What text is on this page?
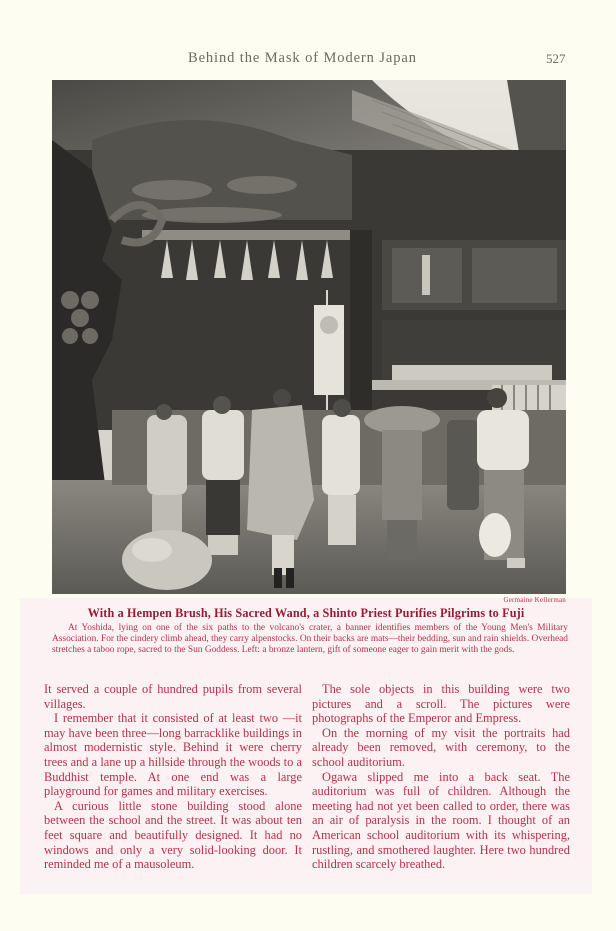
Behind the Mask of Modern Japan	527
Germaine Kellerman
With a Hempen Brush, His Sacred Wand, a Shinto Priest Purifies Pilgrims to Fuji
At Yoshida, lying on one of the six paths to the volcano's crater, a banner identifies members of the Young Men's Military Association. For the cindery climb ahead, they carry alpenstocks. On their backs are mats—their bedding, sun and rain shields. Overhead stretches a taboo rope, sacred to the Sun Goddess. Left: a bronze lantern, gift of someone eager to gain merit with the gods.

It served a couple of hundred pupils from several villages.

I remember that it consisted of at least two —it may have been three—long barracklike buildings in almost modernistic style. Behind it were cherry trees and a lane up a hillside through the woods to a Buddhist temple. At one end was a large playground for games and military exercises.

A curious little stone building stood alone between the school and the street. It was about ten feet square and beautifully designed. It had no windows and only a very solid-looking door. It reminded me of a mausoleum.

The sole objects in this building were two pictures and a scroll. The pictures were photographs of the Emperor and Empress.

On the morning of my visit the portraits had already been removed, with ceremony, to the school auditorium.

Ogawa slipped me into a back seat. The auditorium was full of children. Although the meeting had not yet been called to order, there was an air of paralysis in the room. I thought of an American school auditorium with its whispering, rustling, and smothered laughter. Here two hundred children scarcely breathed.
